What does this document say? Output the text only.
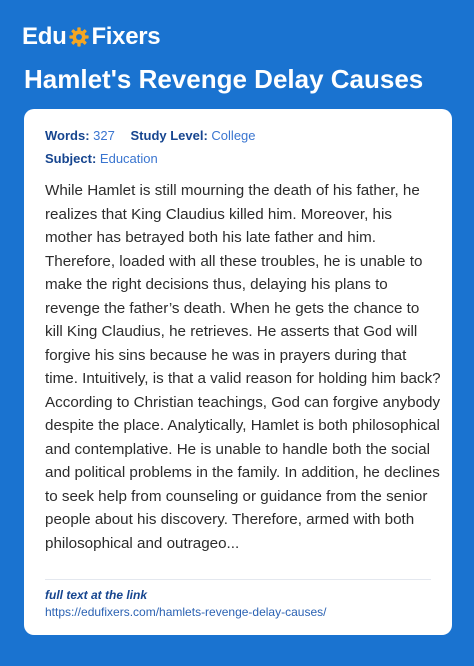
Edu Fixers
Hamlet's Revenge Delay Causes
Words: 327 Study Level: College
Subject: Education

While Hamlet is still mourning the death of his father, he realizes that King Claudius killed him. Moreover, his mother has betrayed both his late father and him. Therefore, loaded with all these troubles, he is unable to make the right decisions thus, delaying his plans to revenge the father’s death. When he gets the chance to kill King Claudius, he retrieves. He asserts that God will forgive his sins because he was in prayers during that time. Intuitively, is that a valid reason for holding him back? According to Christian teachings, God can forgive anybody despite the place. Analytically, Hamlet is both philosophical and contemplative. He is unable to handle both the social and political problems in the family. In addition, he declines to seek help from counseling or guidance from the senior people about his discovery. Therefore, armed with both philosophical and outrageo...

full text at the link
https://edufixers.com/hamlets-revenge-delay-causes/
